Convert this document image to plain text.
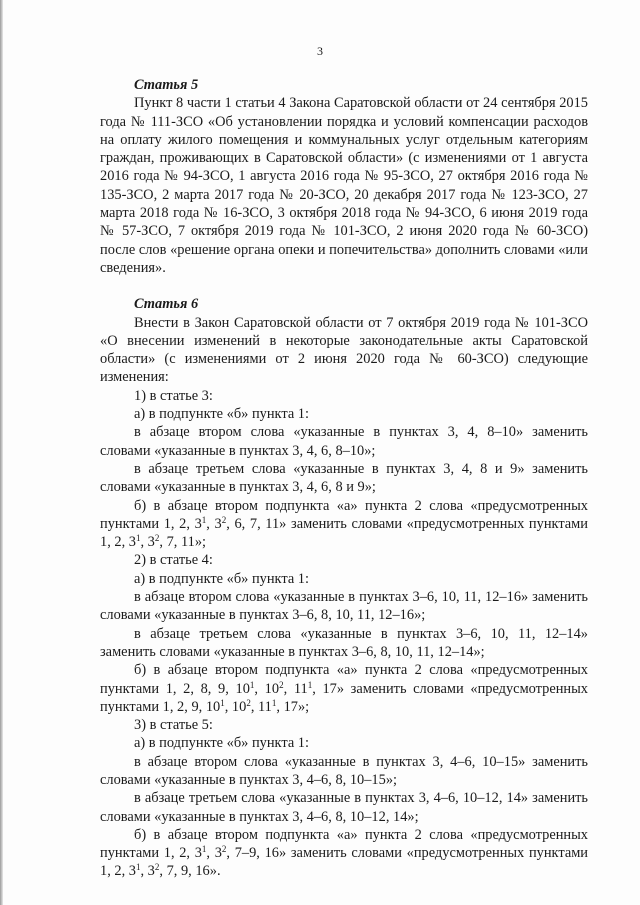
3

Статья 5

Пункт 8 части 1 статьи 4 Закона Саратовской области от 24 сентября 2015 года № 111-ЗСО «Об установлении порядка и условий компенсации расходов на оплату жилого помещения и коммунальных услуг отдельным категориям граждан, проживающих в Саратовской области» (с изменениями от 1 августа 2016 года № 94-ЗСО, 1 августа 2016 года № 95-ЗСО, 27 октября 2016 года № 135-ЗСО, 2 марта 2017 года № 20-ЗСО, 20 декабря 2017 года № 123-ЗСО, 27 марта 2018 года № 16-ЗСО, 3 октября 2018 года № 94-ЗСО, 6 июня 2019 года № 57-ЗСО, 7 октября 2019 года № 101-ЗСО, 2 июня 2020 года № 60-ЗСО) после слов «решение органа опеки и попечительства» дополнить словами «или сведения».

Статья 6

Внести в Закон Саратовской области от 7 октября 2019 года № 101-ЗСО «О внесении изменений в некоторые законодательные акты Саратовской области» (с изменениями от 2 июня 2020 года № 60-ЗСО) следующие изменения:

1) в статье 3:

а) в подпункте «б» пункта 1:

в абзаце втором слова «указанные в пунктах 3, 4, 8–10» заменить словами «указанные в пунктах 3, 4, 6, 8–10»;

в абзаце третьем слова «указанные в пунктах 3, 4, 8 и 9» заменить словами «указанные в пунктах 3, 4, 6, 8 и 9»;

б) в абзаце втором подпункта «а» пункта 2 слова «предусмотренных пунктами 1, 2, $3^1$, $3^2$, 6, 7, 11» заменить словами «предусмотренных пунктами 1, 2, $3^1$, $3^2$, 7, 11»;

2) в статье 4:

а) в подпункте «б» пункта 1:

в абзаце втором слова «указанные в пунктах 3–6, 10, 11, 12–16» заменить словами «указанные в пунктах 3–6, 8, 10, 11, 12–16»;

в абзаце третьем слова «указанные в пунктах 3–6, 10, 11, 12–14» заменить словами «указанные в пунктах 3–6, 8, 10, 11, 12–14»;

б) в абзаце втором подпункта «а» пункта 2 слова «предусмотренных пунктами 1, 2, 8, 9, $10^1$, $10^2$, $11^1$, 17» заменить словами «предусмотренных пунктами 1, 2, 9, $10^1$, $10^2$, $11^1$, 17»;

3) в статье 5:

а) в подпункте «б» пункта 1:

в абзаце втором слова «указанные в пунктах 3, 4–6, 10–15» заменить словами «указанные в пунктах 3, 4–6, 8, 10–15»;

в абзаце третьем слова «указанные в пунктах 3, 4–6, 10–12, 14» заменить словами «указанные в пунктах 3, 4–6, 8, 10–12, 14»;

б) в абзаце втором подпункта «а» пункта 2 слова «предусмотренных пунктами 1, 2, $3^1$, $3^2$, 7–9, 16» заменить словами «предусмотренных пунктами 1, 2, $3^1$, $3^2$, 7, 9, 16».
